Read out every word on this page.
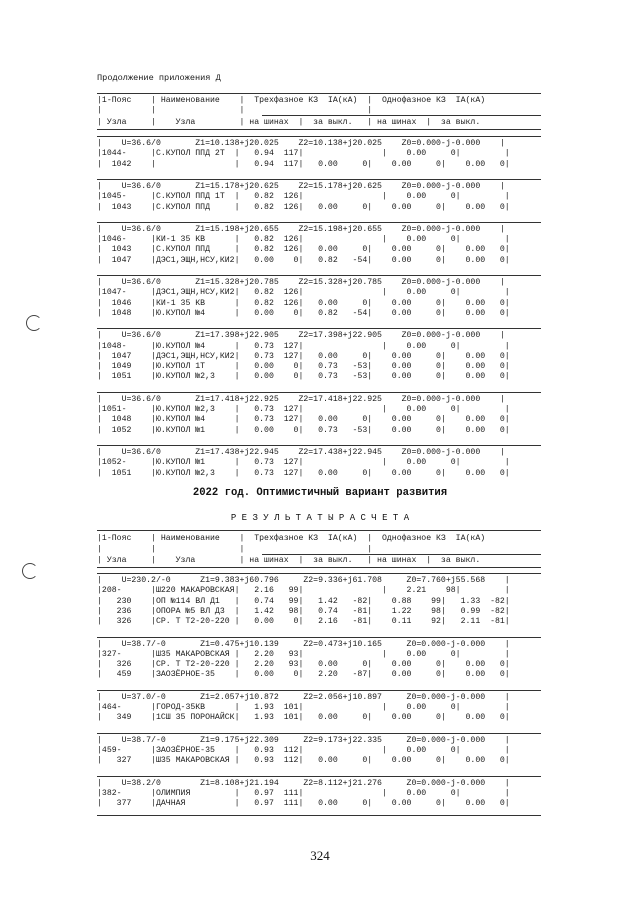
Продолжение приложения Д
|1-Пояс    | Наименование    |  Трехфазное КЗ  IA(кА)  |  Однофазное КЗ  IA(кА)
|          |                 |                         |
| Узла     |    Узла         | на шинах  |  за выкл.   | на шинах  |  за выкл.
|    U=36.6/0       Z1=10.138+j20.025    Z2=10.138+j20.025    Z0=0.000-j-0.000    |
|1044-     |С.КУПОЛ ППД 2Т  |   0.94  117|                |    0.00     0|         |
|  1042    |                |   0.94  117|   0.00     0|    0.00     0|    0.00   0|
|    U=36.6/0       Z1=15.178+j20.625    Z2=15.178+j20.625    Z0=0.000-j-0.000    |
|1045-     |С.КУПОЛ ППД 1Т  |   0.82  126|                |    0.00     0|         |
|  1043    |С.КУПОЛ ППД     |   0.82  126|   0.00     0|    0.00     0|    0.00   0|
|    U=36.6/0       Z1=15.198+j20.655    Z2=15.198+j20.655    Z0=0.000-j-0.000    |
|1046-     |КИ-1 35 КВ      |   0.82  126|                |    0.00     0|         |
|  1043    |С.КУПОЛ ППД     |   0.82  126|   0.00     0|    0.00     0|    0.00   0|
|  1047    |ДЭС1,ЭЩН,НСУ,КИ2|   0.00    0|   0.82   -54|    0.00     0|    0.00   0|
|    U=36.6/0       Z1=15.328+j20.785    Z2=15.328+j20.785    Z0=0.000-j-0.000    |
|1047-     |ДЭС1,ЭЩН,НСУ,КИ2|   0.82  126|                |    0.00     0|         |
|  1046    |КИ-1 35 КВ      |   0.82  126|   0.00     0|    0.00     0|    0.00   0|
|  1048    |Ю.КУПОЛ №4      |   0.00    0|   0.82   -54|    0.00     0|    0.00   0|
|    U=36.6/0       Z1=17.398+j22.905    Z2=17.398+j22.905    Z0=0.000-j-0.000    |
|1048-     |Ю.КУПОЛ №4      |   0.73  127|                |    0.00     0|         |
|  1047    |ДЭС1,ЭЩН,НСУ,КИ2|   0.73  127|   0.00     0|    0.00     0|    0.00   0|
|  1049    |Ю.КУПОЛ 1Т      |   0.00    0|   0.73   -53|    0.00     0|    0.00   0|
|  1051    |Ю.КУПОЛ №2,3    |   0.00    0|   0.73   -53|    0.00     0|    0.00   0|
|    U=36.6/0       Z1=17.418+j22.925    Z2=17.418+j22.925    Z0=0.000-j-0.000    |
|1051-     |Ю.КУПОЛ №2,3    |   0.73  127|                |    0.00     0|         |
|  1048    |Ю.КУПОЛ №4      |   0.73  127|   0.00     0|    0.00     0|    0.00   0|
|  1052    |Ю.КУПОЛ №1      |   0.00    0|   0.73   -53|    0.00     0|    0.00   0|
|    U=36.6/0       Z1=17.438+j22.945    Z2=17.438+j22.945    Z0=0.000-j-0.000    |
|1052-     |Ю.КУПОЛ №1      |   0.73  127|                |    0.00     0|         |
|  1051    |Ю.КУПОЛ №2,3    |   0.73  127|   0.00     0|    0.00     0|    0.00   0|
2022 год. Оптимистичный вариант развития
Р Е З У Л Ь Т А Т Ы Р А С Ч Е Т А
|1-Пояс    | Наименование    |  Трехфазное КЗ  IA(кА)  |  Однофазное КЗ  IA(кА)
|          |                 |                         |
| Узла     |    Узла         | на шинах  |  за выкл.   | на шинах  |  за выкл.
|    U=230.2/-0      Z1=9.383+j60.796     Z2=9.336+j61.708     Z0=7.760+j55.568    |
|208-      |Ш220 МАКАРОВСКАЯ|   2.16   99|                |    2.21    98|         |
|   230    |ОП №114 ВЛ Д1   |   0.74   99|   1.42   -82|    0.88    99|   1.33  -82|
|   236    |ОПОРА №5 ВЛ Д3  |   1.42   98|   0.74   -81|    1.22    98|   0.99  -82|
|   326    |СР. Т Т2-20-220 |   0.00    0|   2.16   -81|    0.11    92|   2.11  -81|
|    U=38.7/-0       Z1=0.475+j10.139     Z2=0.473+j10.165     Z0=0.000-j-0.000    |
|327-      |Ш35 МАКАРОВСКАЯ |   2.20   93|                |    0.00     0|         |
|   326    |СР. Т Т2-20-220 |   2.20   93|   0.00     0|    0.00     0|    0.00   0|
|   459    |ЗАОЗЁРНОЕ-35    |   0.00    0|   2.20   -87|    0.00     0|    0.00   0|
|    U=37.0/-0       Z1=2.057+j10.872     Z2=2.056+j10.897     Z0=0.000-j-0.000    |
|464-      |ГОРОД-35КВ      |   1.93  101|                |    0.00     0|         |
|   349    |1СШ 35 ПОРОНАЙСК|   1.93  101|   0.00     0|    0.00     0|    0.00   0|
|    U=38.7/-0       Z1=9.175+j22.309     Z2=9.173+j22.335     Z0=0.000-j-0.000    |
|459-      |ЗАОЗЁРНОЕ-35    |   0.93  112|                |    0.00     0|         |
|   327    |Ш35 МАКАРОВСКАЯ |   0.93  112|   0.00     0|    0.00     0|    0.00   0|
|    U=38.2/0        Z1=8.108+j21.194     Z2=8.112+j21.276     Z0=0.000-j-0.000    |
|382-      |ОЛИМПИЯ         |   0.97  111|                |    0.00     0|         |
|   377    |ДАЧНАЯ          |   0.97  111|   0.00     0|    0.00     0|    0.00   0|
324
